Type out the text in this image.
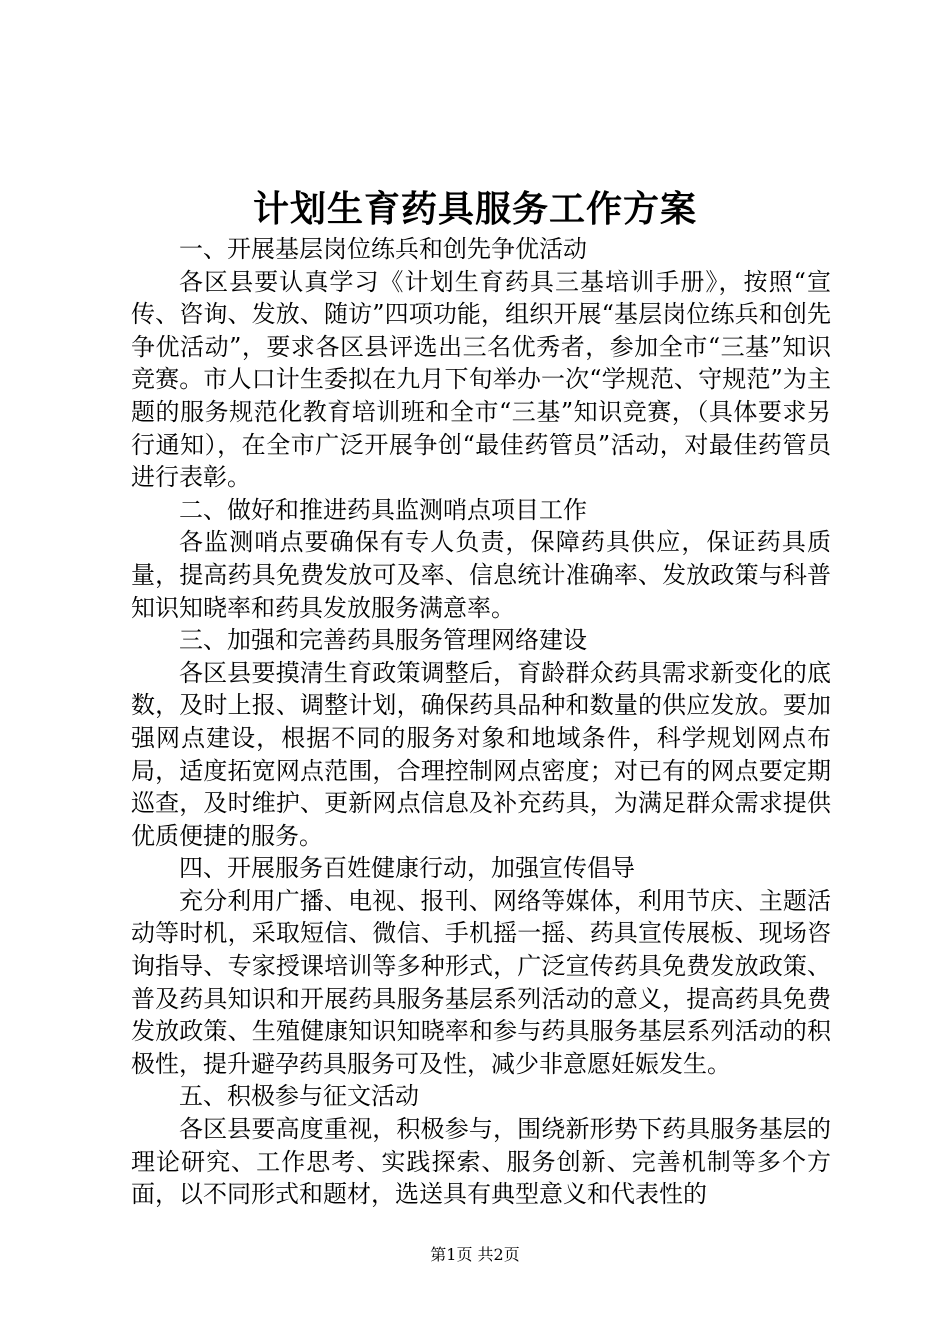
计划生育药具服务工作方案

一、开展基层岗位练兵和创先争优活动

各区县要认真学习《计划生育药具三基培训手册》，按照“宣传、咨询、发放、随访”四项功能，组织开展“基层岗位练兵和创先争优活动”，要求各区县评选出三名优秀者，参加全市“三基”知识竞赛。市人口计生委拟在九月下旬举办一次“学规范、守规范”为主题的服务规范化教育培训班和全市“三基”知识竞赛，（具体要求另行通知），在全市广泛开展争创“最佳药管员”活动，对最佳药管员进行表彰。

二、做好和推进药具监测哨点项目工作

各监测哨点要确保有专人负责，保障药具供应，保证药具质量，提高药具免费发放可及率、信息统计准确率、发放政策与科普知识知晓率和药具发放服务满意率。

三、加强和完善药具服务管理网络建设

各区县要摸清生育政策调整后，育龄群众药具需求新变化的底数，及时上报、调整计划，确保药具品种和数量的供应发放。要加强网点建设，根据不同的服务对象和地域条件，科学规划网点布局，适度拓宽网点范围，合理控制网点密度；对已有的网点要定期巡查，及时维护、更新网点信息及补充药具，为满足群众需求提供优质便捷的服务。

四、开展服务百姓健康行动，加强宣传倡导

充分利用广播、电视、报刊、网络等媒体，利用节庆、主题活动等时机，采取短信、微信、手机摇一摇、药具宣传展板、现场咨询指导、专家授课培训等多种形式，广泛宣传药具免费发放政策、普及药具知识和开展药具服务基层系列活动的意义，提高药具免费发放政策、生殖健康知识知晓率和参与药具服务基层系列活动的积极性，提升避孕药具服务可及性，减少非意愿妊娠发生。

五、积极参与征文活动

各区县要高度重视，积极参与，围绕新形势下药具服务基层的理论研究、工作思考、实践探索、服务创新、完善机制等多个方面，以不同形式和题材，选送具有典型意义和代表性的

第1页 共2页
